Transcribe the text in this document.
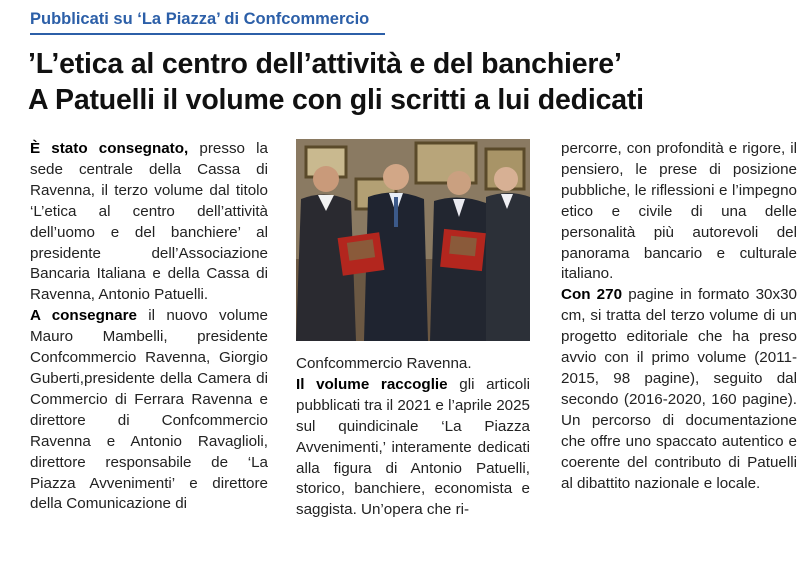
Pubblicati su ‘La Piazza’ di Confcommercio
’L’etica al centro dell’attività e del banchiere’
A Patuelli il volume con gli scritti a lui dedicati

È stato consegnato, presso la sede centrale della Cassa di Ravenna, il terzo volume dal titolo ‘L’etica al centro dell’attività dell’uomo e del banchiere’ al presidente dell’Associazione Bancaria Italiana e della Cassa di Ravenna, Antonio Patuelli.

A consegnare il nuovo volume Mauro Mambelli, presidente Confcommercio Ravenna, Giorgio Guberti,presidente della Camera di Commercio di Ferrara Ravenna e direttore di Confcommercio Ravenna e Antonio Ravaglioli, direttore responsabile de ‘La Piazza Avvenimenti’ e direttore della Comunicazione di

Confcommercio Ravenna.

Il volume raccoglie gli articoli pubblicati tra il 2021 e l’aprile 2025 sul quindicinale ‘La Piazza Avvenimenti,’ interamente dedicati alla figura di Antonio Patuelli, storico, banchiere, economista e saggista. Un’opera che ri-

percorre, con profondità e rigore, il pensiero, le prese di posizione pubbliche, le riflessioni e l’impegno etico e civile di una delle personalità più autorevoli del panorama bancario e culturale italiano.

Con 270 pagine in formato 30x30 cm, si tratta del terzo volume di un progetto editoriale che ha preso avvio con il primo volume (2011-2015, 98 pagine), seguito dal secondo (2016-2020, 160 pagine). Un percorso di documentazione che offre uno spaccato autentico e coerente del contributo di Patuelli al dibattito nazionale e locale.
